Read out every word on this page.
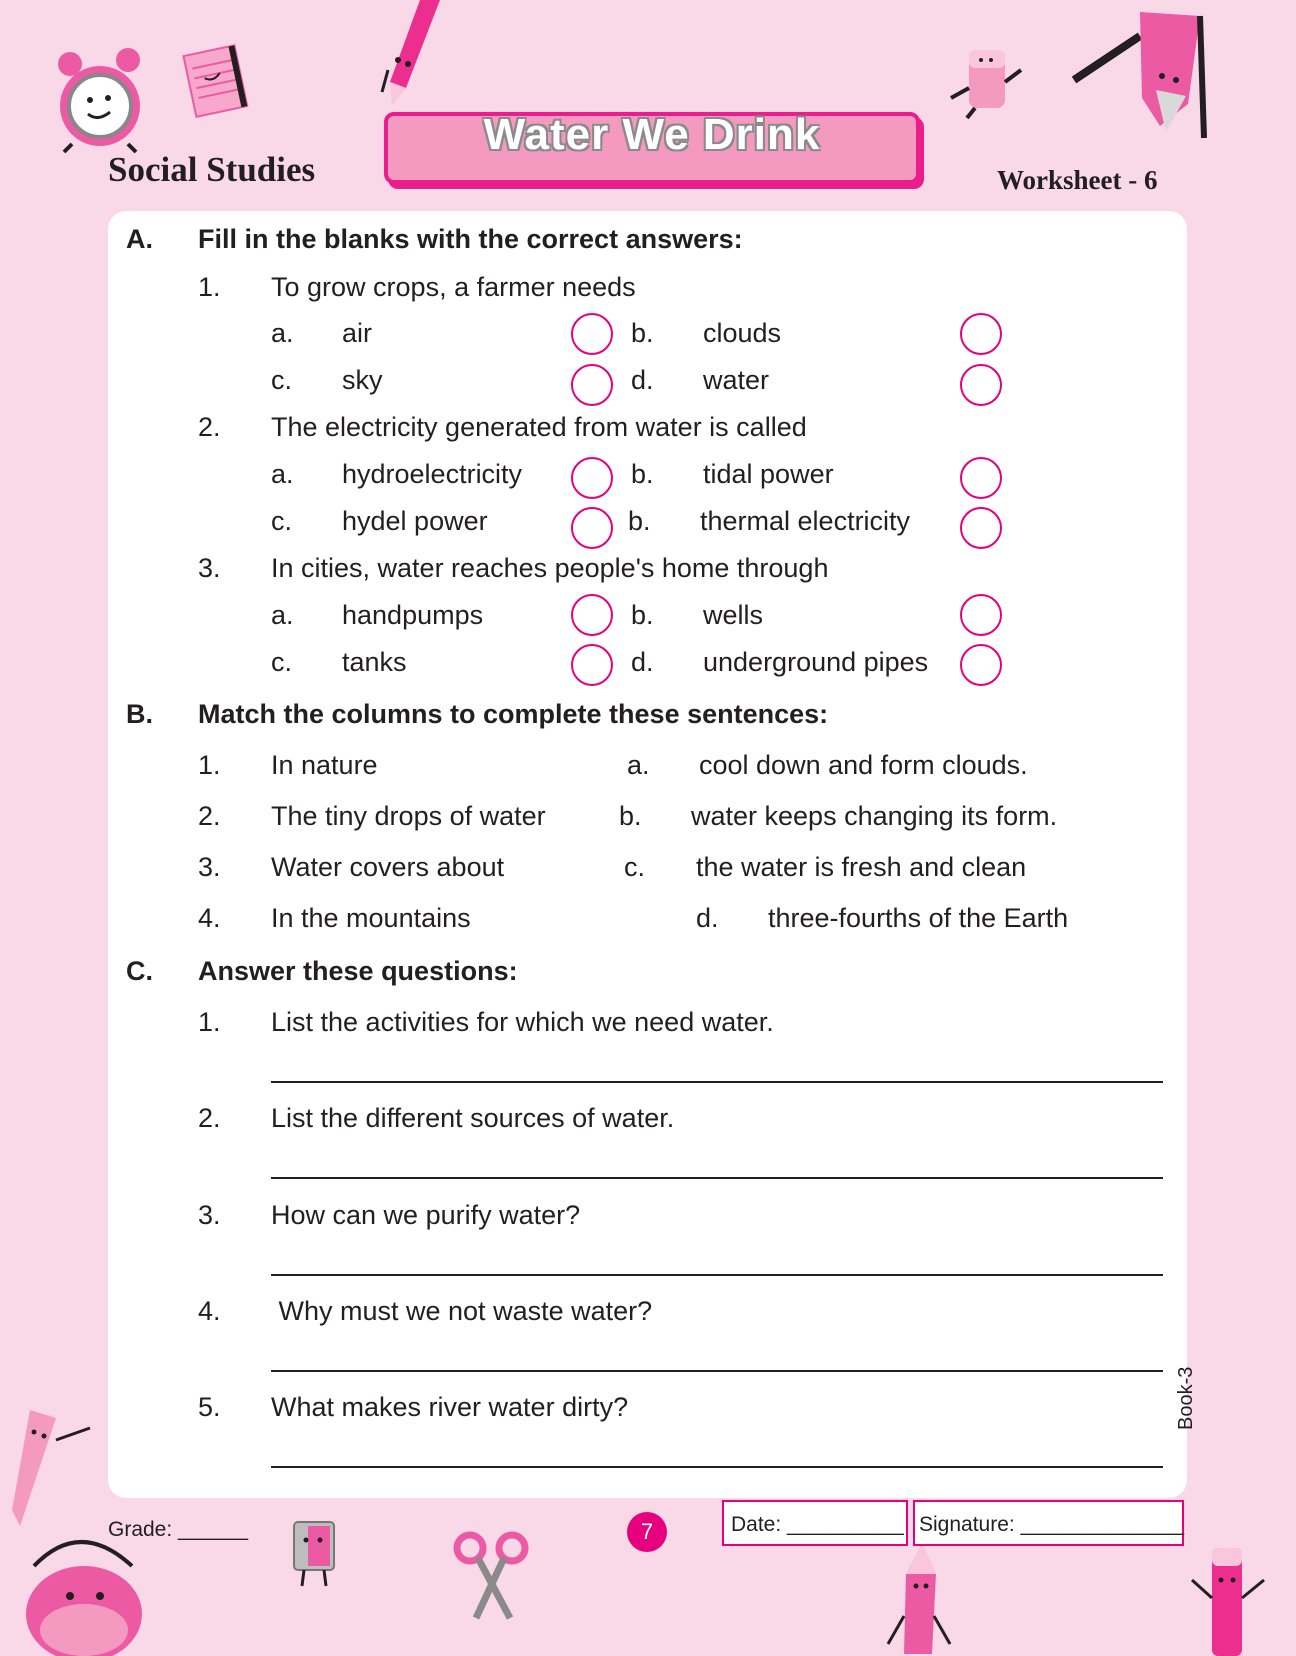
Social Studies
Water We Drink
Worksheet - 6
A. Fill in the blanks with the correct answers:
1. To grow crops, a farmer needs
a. air	b. clouds
c. sky	d. water
2. The electricity generated from water is called
a. hydroelectricity	b. tidal power
c. hydel power	b. thermal electricity
3. In cities, water reaches people's home through
a. handpumps	b. wells
c. tanks	d. underground pipes
B. Match the columns to complete these sentences:
1. In nature	a. cool down and form clouds.
2. The tiny drops of water	b. water keeps changing its form.
3. Water covers about	c. the water is fresh and clean
4. In the mountains	d. three-fourths of the Earth
C. Answer these questions:
1. List the activities for which we need water.
2. List the different sources of water.
3. How can we purify water?
4. Why must we not waste water?
5. What makes river water dirty?
Grade: ______	7	Date: __________ Signature: ______________
Book-3
